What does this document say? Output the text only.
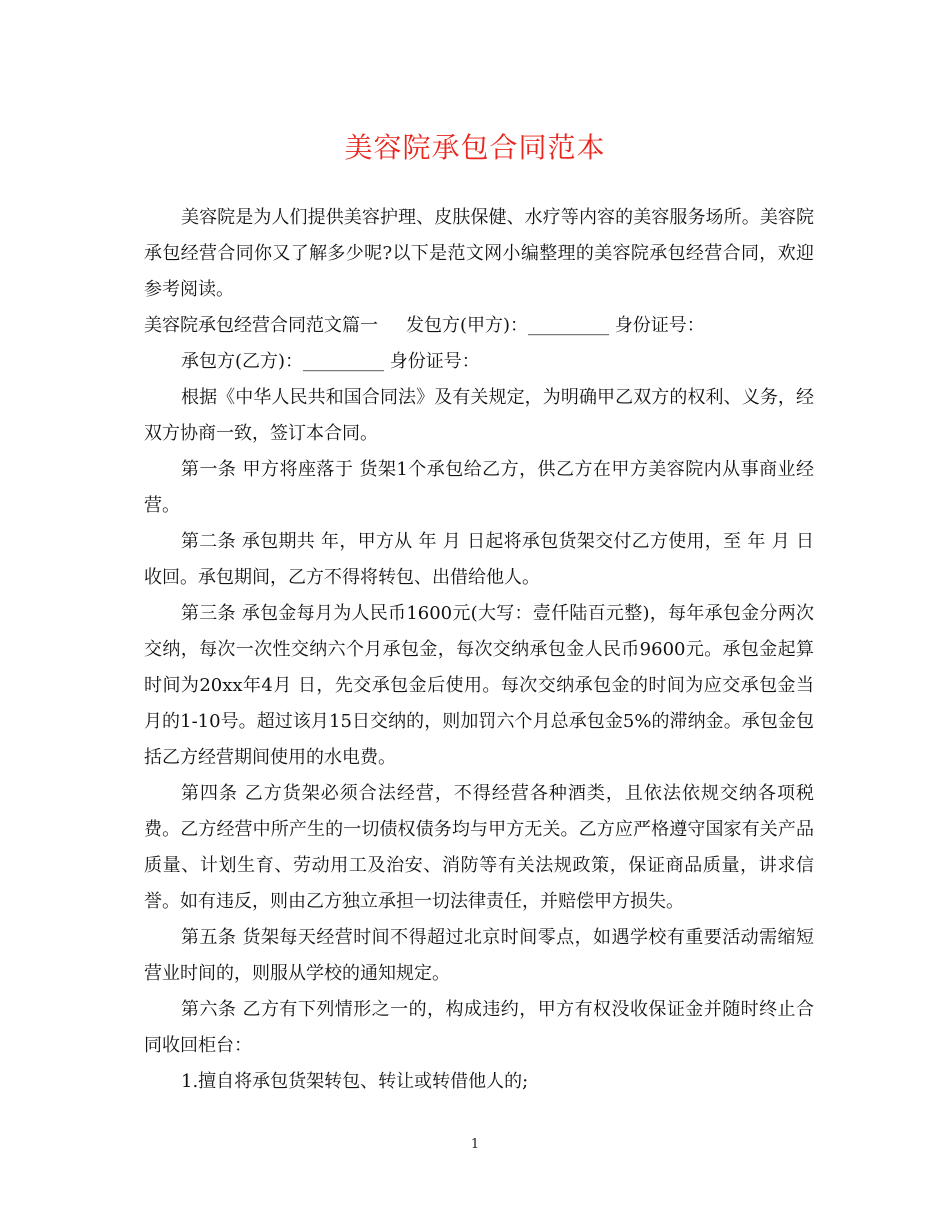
美容院承包合同范本

美容院是为人们提供美容护理、皮肤保健、水疗等内容的美容服务场所。美容院承包经营合同你又了解多少呢?以下是范文网小编整理的美容院承包经营合同，欢迎参考阅读。

美容院承包经营合同范文篇一 发包方(甲方)：_________ 身份证号：

承包方(乙方)：_________ 身份证号：

根据《中华人民共和国合同法》及有关规定，为明确甲乙双方的权利、义务，经双方协商一致，签订本合同。

第一条 甲方将座落于 货架1个承包给乙方，供乙方在甲方美容院内从事商业经营。

第二条 承包期共 年，甲方从 年 月 日起将承包货架交付乙方使用，至 年 月 日收回。承包期间，乙方不得将转包、出借给他人。

第三条 承包金每月为人民币1600元(大写：壹仟陆百元整)，每年承包金分两次交纳，每次一次性交纳六个月承包金，每次交纳承包金人民币9600元。承包金起算时间为20xx年4月 日，先交承包金后使用。每次交纳承包金的时间为应交承包金当月的1-10号。超过该月15日交纳的，则加罚六个月总承包金5%的滞纳金。承包金包括乙方经营期间使用的水电费。

第四条 乙方货架必须合法经营，不得经营各种酒类，且依法依规交纳各项税费。乙方经营中所产生的一切债权债务均与甲方无关。乙方应严格遵守国家有关产品质量、计划生育、劳动用工及治安、消防等有关法规政策，保证商品质量，讲求信誉。如有违反，则由乙方独立承担一切法律责任，并赔偿甲方损失。

第五条 货架每天经营时间不得超过北京时间零点，如遇学校有重要活动需缩短营业时间的，则服从学校的通知规定。

第六条 乙方有下列情形之一的，构成违约，甲方有权没收保证金并随时终止合同收回柜台：

1.擅自将承包货架转包、转让或转借他人的;

1
